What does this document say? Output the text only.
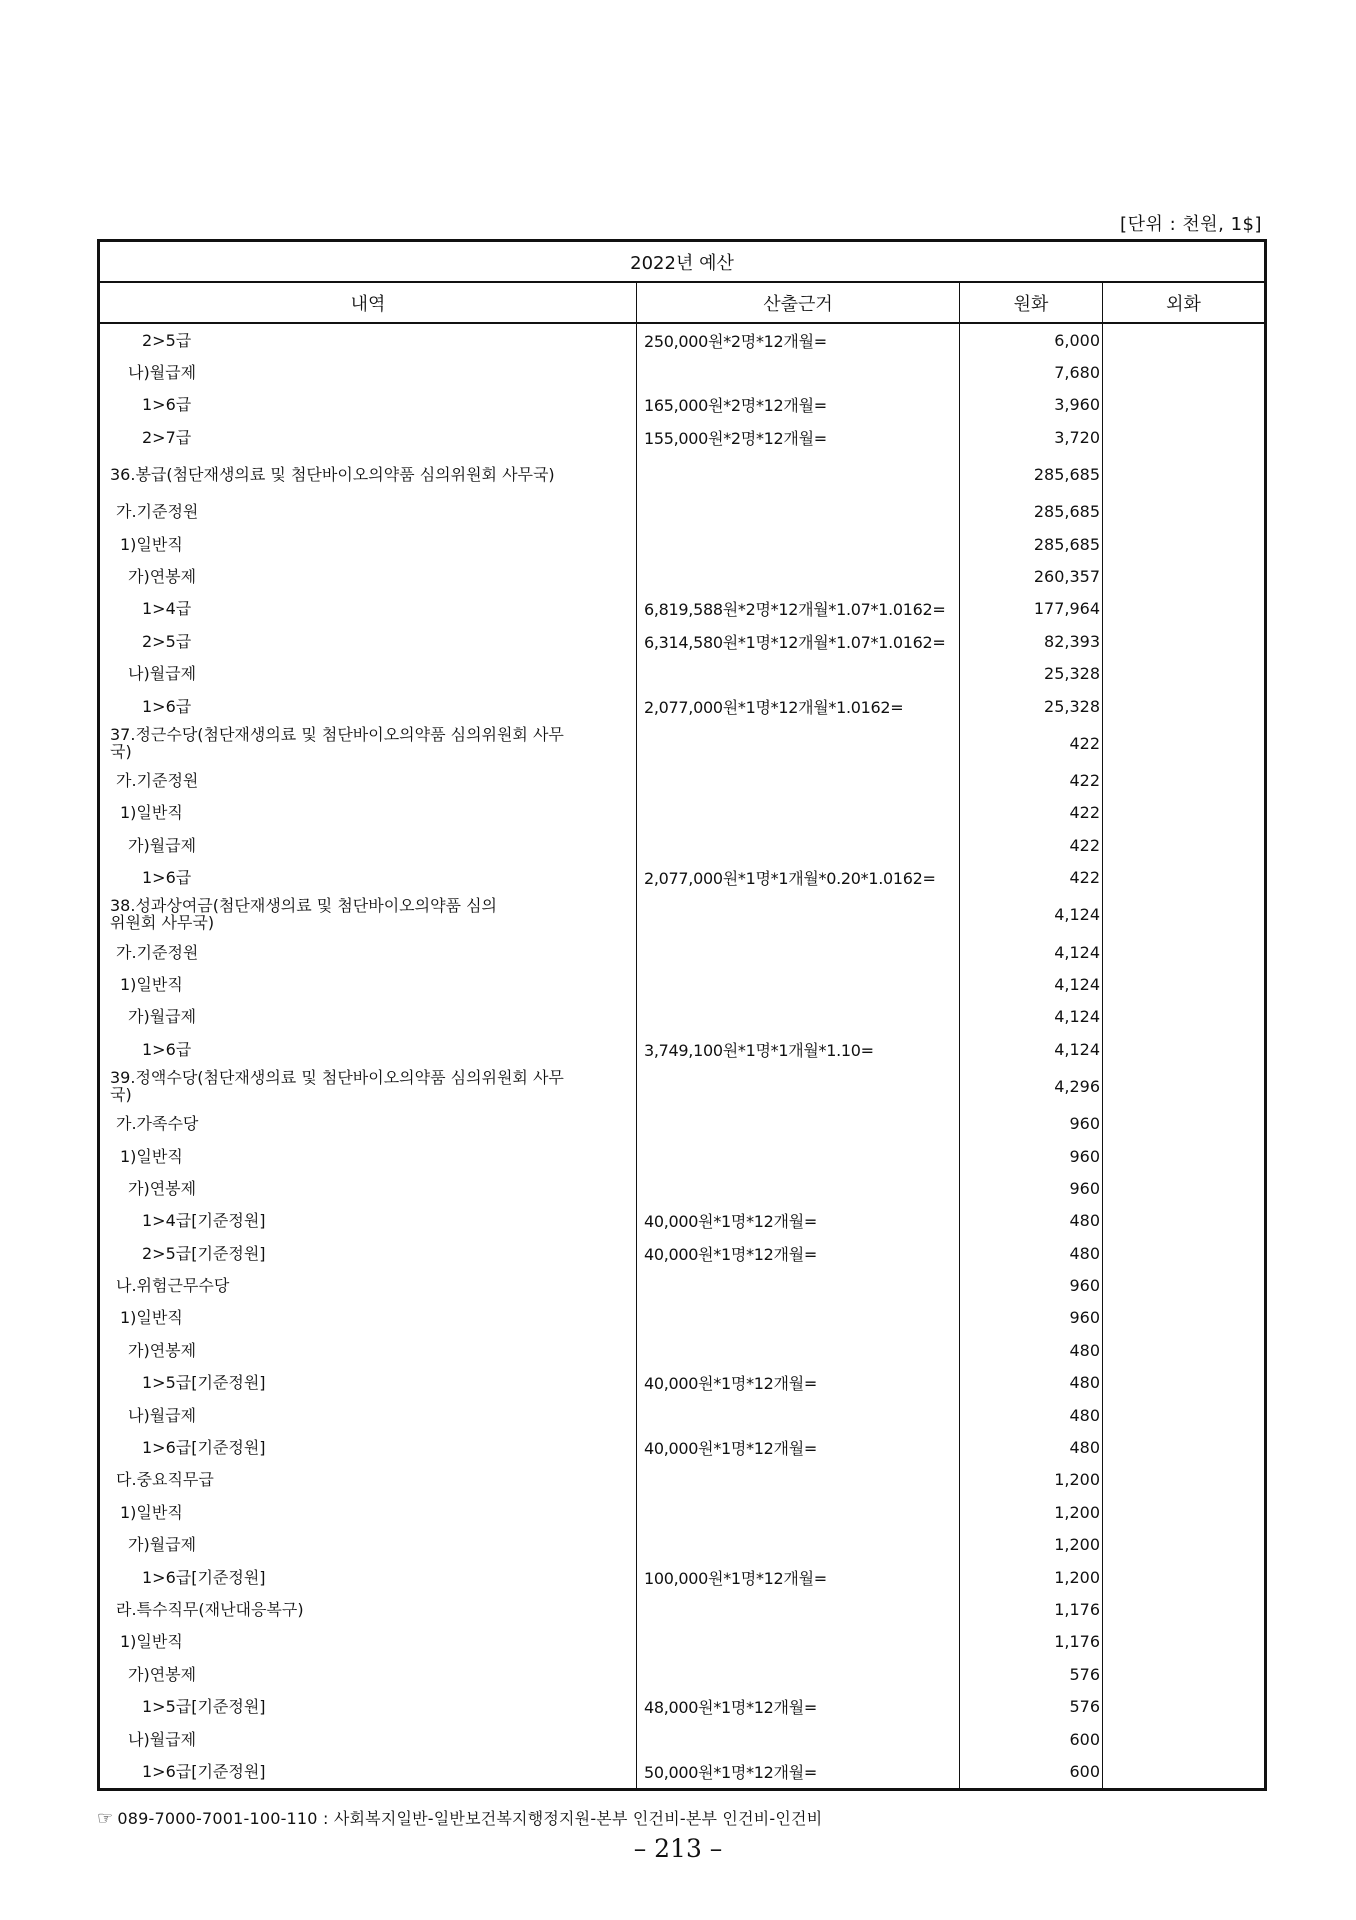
[단위 : 천원, 1$]
2022년 예산			
내역	산출근거	원화	외화
2>5급	250,000원*2명*12개월=	6,000	
나)월급제		7,680	
1>6급	165,000원*2명*12개월=	3,960	
2>7급	155,000원*2명*12개월=	3,720	
36.봉급(첨단재생의료 및 첨단바이오의약품 심의위원회 사무국)		285,685	
가.기준정원		285,685	
1)일반직		285,685	
가)연봉제		260,357	
1>4급	6,819,588원*2명*12개월*1.07*1.0162=	177,964	
2>5급	6,314,580원*1명*12개월*1.07*1.0162=	82,393	
나)월급제		25,328	
1>6급	2,077,000원*1명*12개월*1.0162=	25,328	
37.정근수당(첨단재생의료 및 첨단바이오의약품 심의위원회 사무국)		422	
가.기준정원		422	
1)일반직		422	
가)월급제		422	
1>6급	2,077,000원*1명*1개월*0.20*1.0162=	422	
38.성과상여금(첨단재생의료 및 첨단바이오의약품 심의위원회 사무국)		4,124	
가.기준정원		4,124	
1)일반직		4,124	
가)월급제		4,124	
1>6급	3,749,100원*1명*1개월*1.10=	4,124	
39.정액수당(첨단재생의료 및 첨단바이오의약품 심의위원회 사무국)		4,296	
가.가족수당		960	
1)일반직		960	
가)연봉제		960	
1>4급[기준정원]	40,000원*1명*12개월=	480	
2>5급[기준정원]	40,000원*1명*12개월=	480	
나.위험근무수당		960	
1)일반직		960	
가)연봉제		480	
1>5급[기준정원]	40,000원*1명*12개월=	480	
나)월급제		480	
1>6급[기준정원]	40,000원*1명*12개월=	480	
다.중요직무급		1,200	
1)일반직		1,200	
가)월급제		1,200	
1>6급[기준정원]	100,000원*1명*12개월=	1,200	
라.특수직무(재난대응복구)		1,176	
1)일반직		1,176	
가)연봉제		576	
1>5급[기준정원]	48,000원*1명*12개월=	576	
나)월급제		600	
1>6급[기준정원]	50,000원*1명*12개월=	600	
☞ 089-7000-7001-100-110 : 사회복지일반-일반보건복지행정지원-본부 인건비-본부 인건비-인건비
– 213 –
